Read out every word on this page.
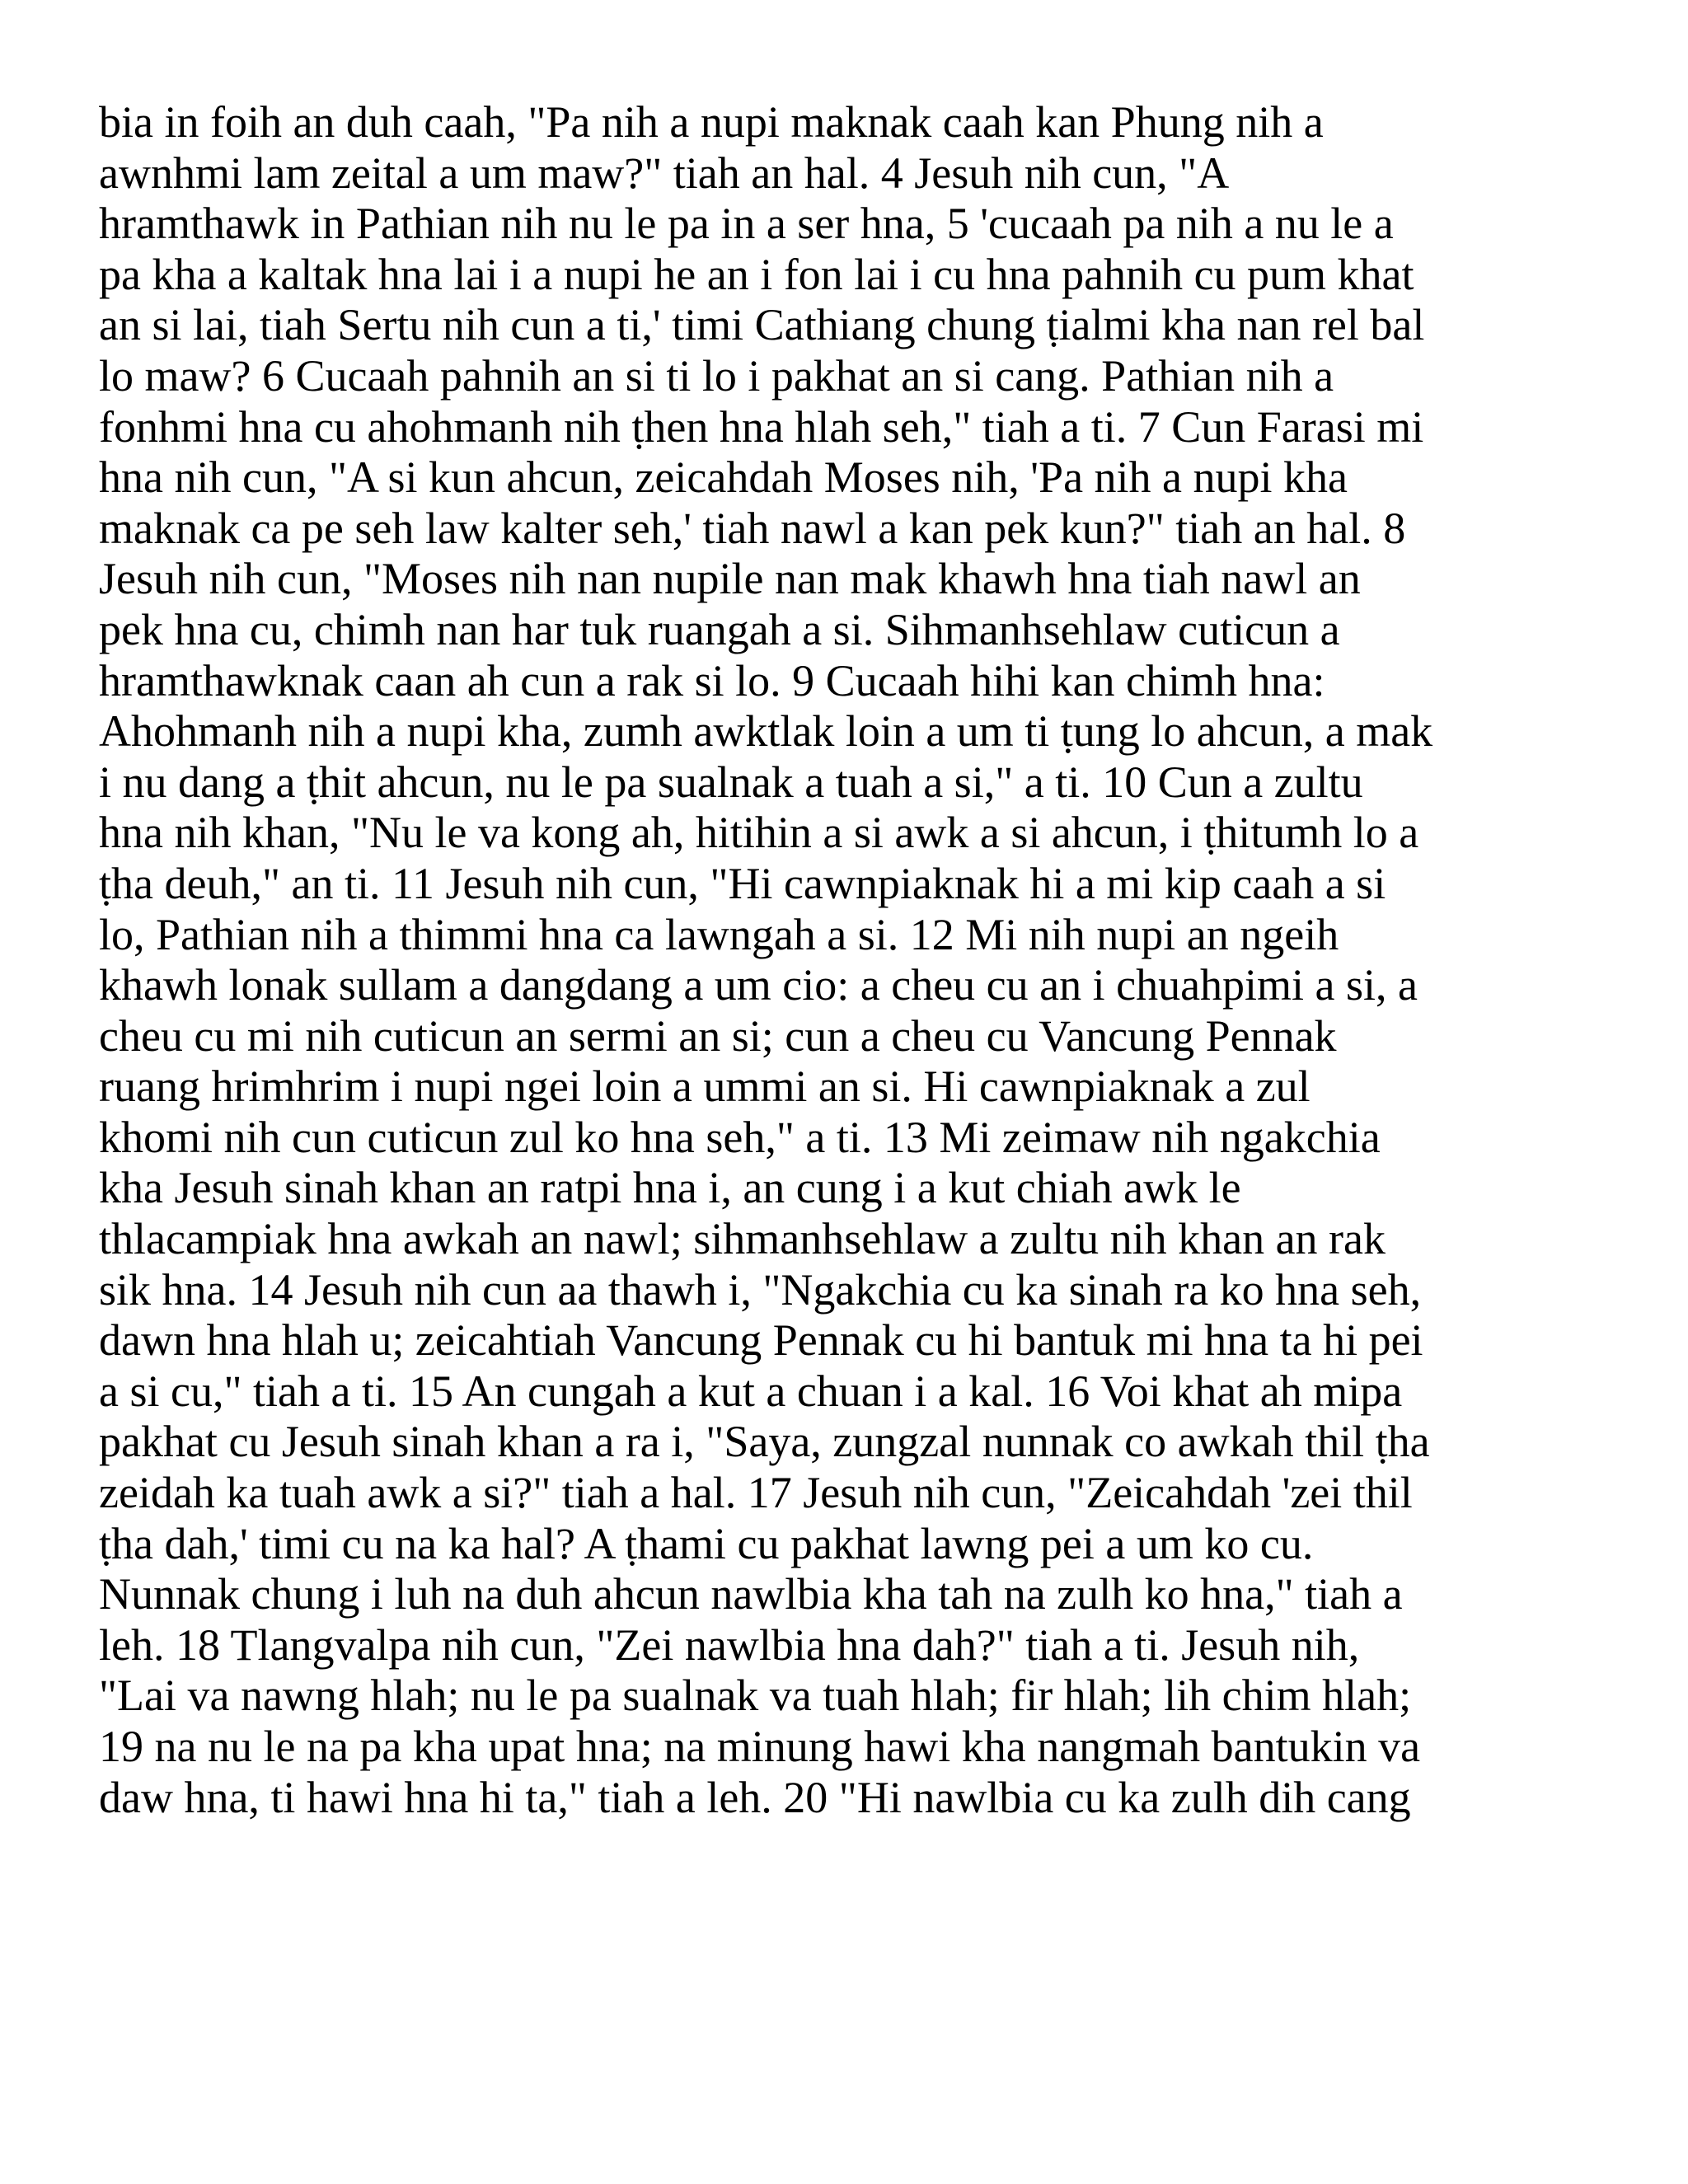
bia in foih an duh caah, "Pa nih a nupi maknak caah kan Phung nih a
awnhmi lam zeital a um maw?" tiah an hal. 4 Jesuh nih cun, "A
hramthawk in Pathian nih nu le pa in a ser hna, 5 'cucaah pa nih a nu le a
pa kha a kaltak hna lai i a nupi he an i fon lai i cu hna pahnih cu pum khat
an si lai, tiah Sertu nih cun a ti,' timi Cathiang chung ṭialmi kha nan rel bal
lo maw? 6 Cucaah pahnih an si ti lo i pakhat an si cang. Pathian nih a
fonhmi hna cu ahohmanh nih ṭhen hna hlah seh," tiah a ti. 7 Cun Farasi mi
hna nih cun, "A si kun ahcun, zeicahdah Moses nih, 'Pa nih a nupi kha
maknak ca pe seh law kalter seh,' tiah nawl a kan pek kun?" tiah an hal. 8
Jesuh nih cun, "Moses nih nan nupile nan mak khawh hna tiah nawl an
pek hna cu, chimh nan har tuk ruangah a si. Sihmanhsehlaw cuticun a
hramthawknak caan ah cun a rak si lo. 9 Cucaah hihi kan chimh hna:
Ahohmanh nih a nupi kha, zumh awktlak loin a um ti ṭung lo ahcun, a mak
i nu dang a ṭhit ahcun, nu le pa sualnak a tuah a si," a ti. 10 Cun a zultu
hna nih khan, "Nu le va kong ah, hitihin a si awk a si ahcun, i ṭhitumh lo a
ṭha deuh," an ti. 11 Jesuh nih cun, "Hi cawnpiaknak hi a mi kip caah a si
lo, Pathian nih a thimmi hna ca lawngah a si. 12 Mi nih nupi an ngeih
khawh lonak sullam a dangdang a um cio: a cheu cu an i chuahpimi a si, a
cheu cu mi nih cuticun an sermi an si; cun a cheu cu Vancung Pennak
ruang hrimhrim i nupi ngei loin a ummi an si. Hi cawnpiaknak a zul
khomi nih cun cuticun zul ko hna seh," a ti. 13 Mi zeimaw nih ngakchia
kha Jesuh sinah khan an ratpi hna i, an cung i a kut chiah awk le
thlacampiak hna awkah an nawl; sihmanhsehlaw a zultu nih khan an rak
sik hna. 14 Jesuh nih cun aa thawh i, "Ngakchia cu ka sinah ra ko hna seh,
dawn hna hlah u; zeicahtiah Vancung Pennak cu hi bantuk mi hna ta hi pei
a si cu," tiah a ti. 15 An cungah a kut a chuan i a kal. 16 Voi khat ah mipa
pakhat cu Jesuh sinah khan a ra i, "Saya, zungzal nunnak co awkah thil ṭha
zeidah ka tuah awk a si?" tiah a hal. 17 Jesuh nih cun, "Zeicahdah 'zei thil
ṭha dah,' timi cu na ka hal? A ṭhami cu pakhat lawng pei a um ko cu.
Nunnak chung i luh na duh ahcun nawlbia kha tah na zulh ko hna," tiah a
leh. 18 Tlangvalpa nih cun, "Zei nawlbia hna dah?" tiah a ti. Jesuh nih,
"Lai va nawng hlah; nu le pa sualnak va tuah hlah; fir hlah; lih chim hlah;
19 na nu le na pa kha upat hna; na minung hawi kha nangmah bantukin va
daw hna, ti hawi hna hi ta," tiah a leh. 20 "Hi nawlbia cu ka zulh dih cang
